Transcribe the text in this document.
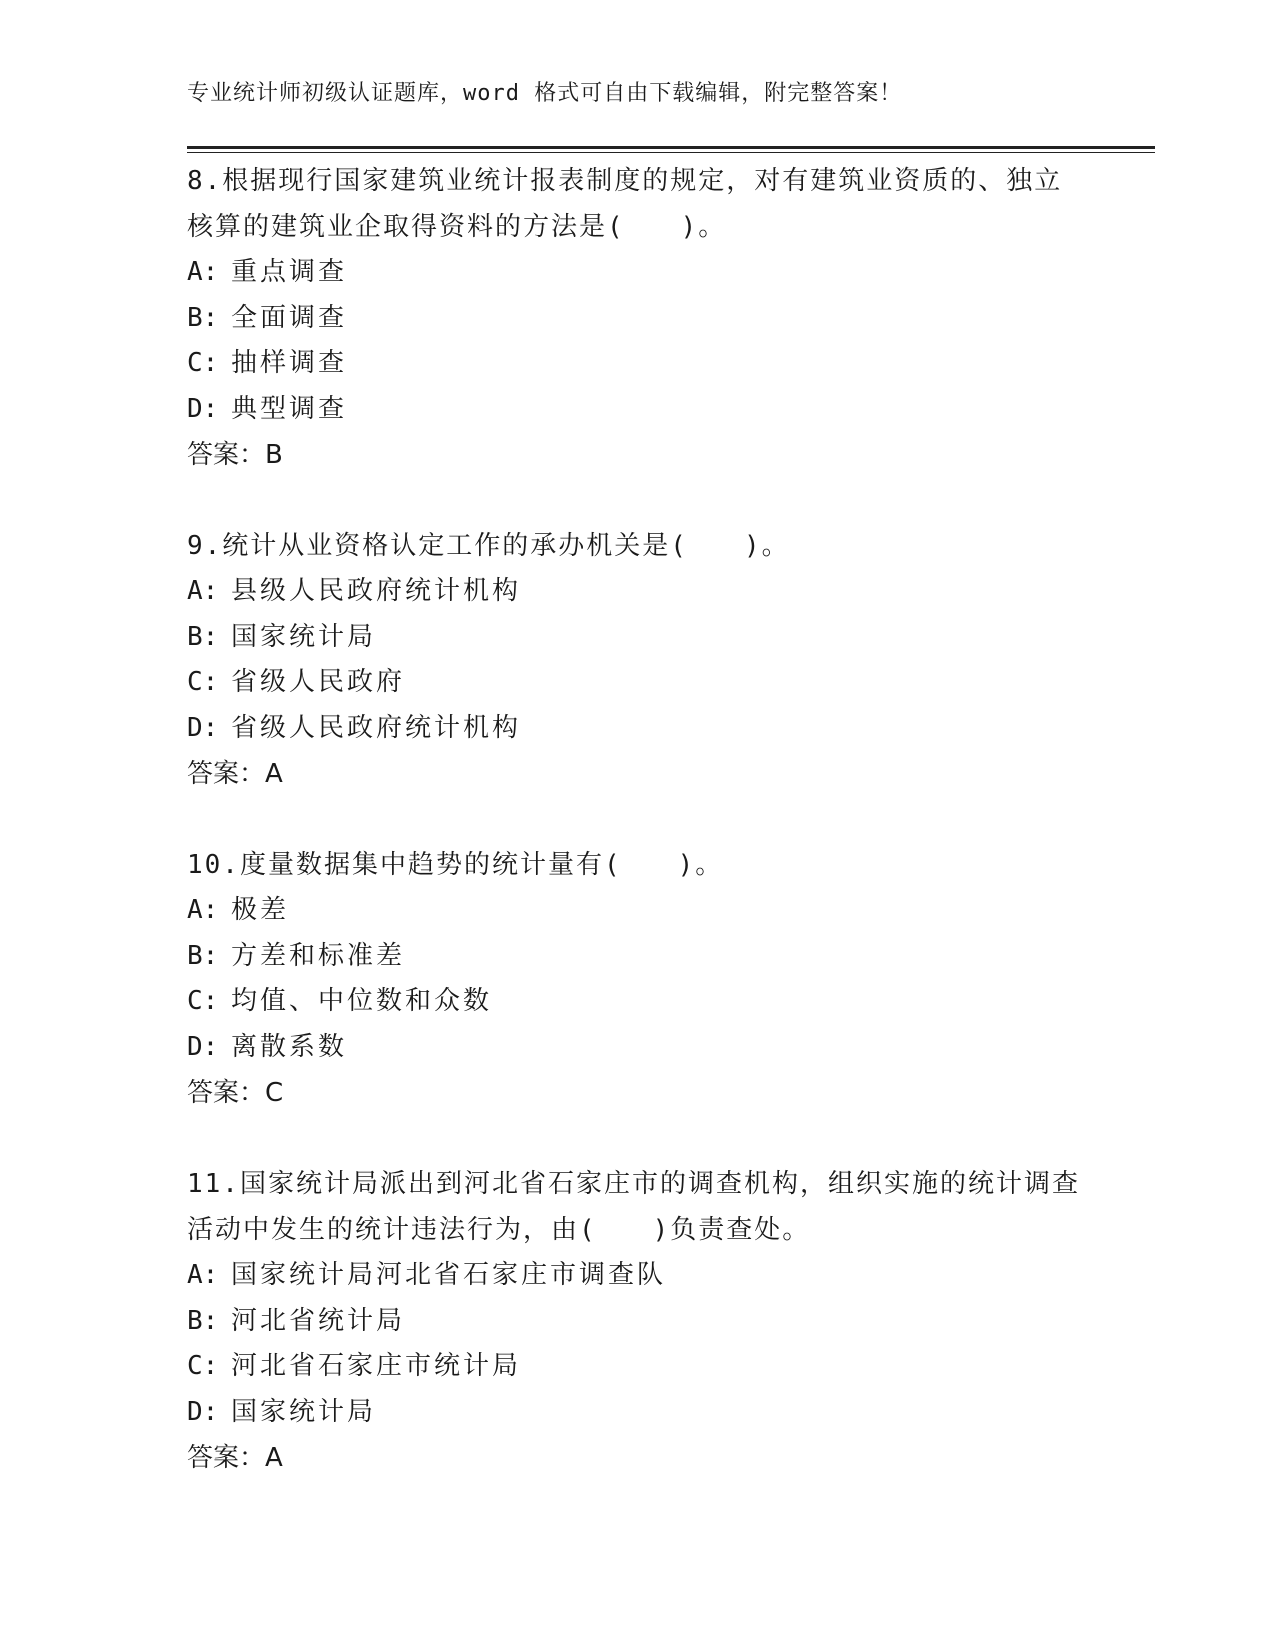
专业统计师初级认证题库，word 格式可自由下载编辑，附完整答案！

8.根据现行国家建筑业统计报表制度的规定，对有建筑业资质的、独立核算的建筑业企取得资料的方法是(　　)。

A: 重点调查

B: 全面调查

C: 抽样调查

D: 典型调查

答案：B

9.统计从业资格认定工作的承办机关是(　　)。

A: 县级人民政府统计机构

B: 国家统计局

C: 省级人民政府

D: 省级人民政府统计机构

答案：A

10.度量数据集中趋势的统计量有(　　)。

A: 极差

B: 方差和标准差

C: 均值、中位数和众数

D: 离散系数

答案：C

11.国家统计局派出到河北省石家庄市的调查机构，组织实施的统计调查活动中发生的统计违法行为，由(　　)负责查处。

A: 国家统计局河北省石家庄市调查队

B: 河北省统计局

C: 河北省石家庄市统计局

D: 国家统计局

答案：A
